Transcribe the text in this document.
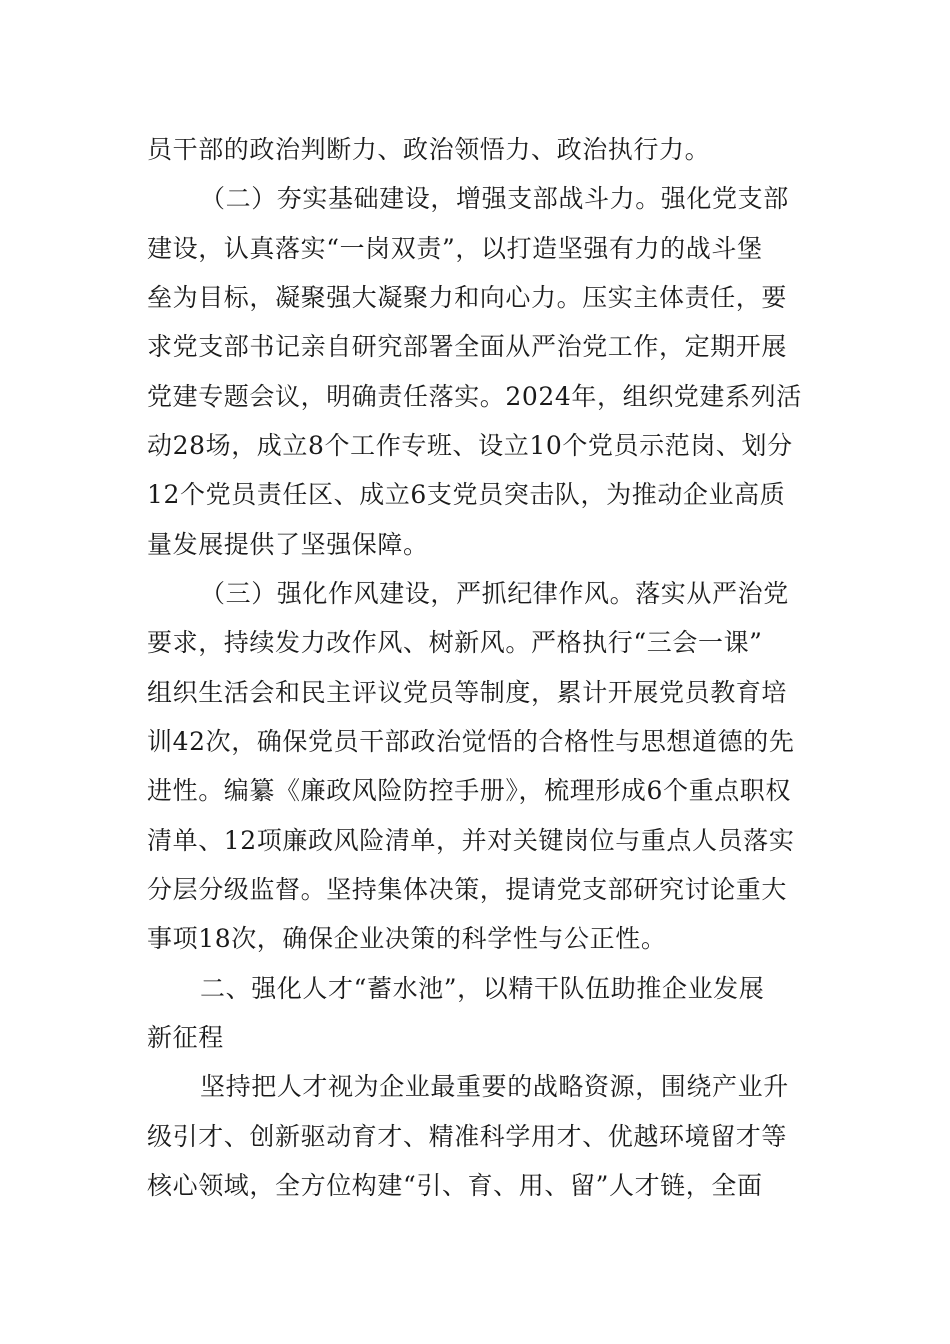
员干部的政治判断力、政治领悟力、政治执行力。
（二）夯实基础建设，增强支部战斗力。强化党支部
建设，认真落实“一岗双责”，以打造坚强有力的战斗堡
垒为目标，凝聚强大凝聚力和向心力。压实主体责任，要
求党支部书记亲自研究部署全面从严治党工作，定期开展
党建专题会议，明确责任落实。2024年，组织党建系列活
动28场，成立8个工作专班、设立10个党员示范岗、划分
12个党员责任区、成立6支党员突击队，为推动企业高质
量发展提供了坚强保障。
（三）强化作风建设，严抓纪律作风。落实从严治党
要求，持续发力改作风、树新风。严格执行“三会一课”
组织生活会和民主评议党员等制度，累计开展党员教育培
训42次，确保党员干部政治觉悟的合格性与思想道德的先
进性。编纂《廉政风险防控手册》，梳理形成6个重点职权
清单、12项廉政风险清单，并对关键岗位与重点人员落实
分层分级监督。坚持集体决策，提请党支部研究讨论重大
事项18次，确保企业决策的科学性与公正性。
二、强化人才“蓄水池”，以精干队伍助推企业发展
新征程
坚持把人才视为企业最重要的战略资源，围绕产业升
级引才、创新驱动育才、精准科学用才、优越环境留才等
核心领域，全方位构建“引、育、用、留”人才链，全面
